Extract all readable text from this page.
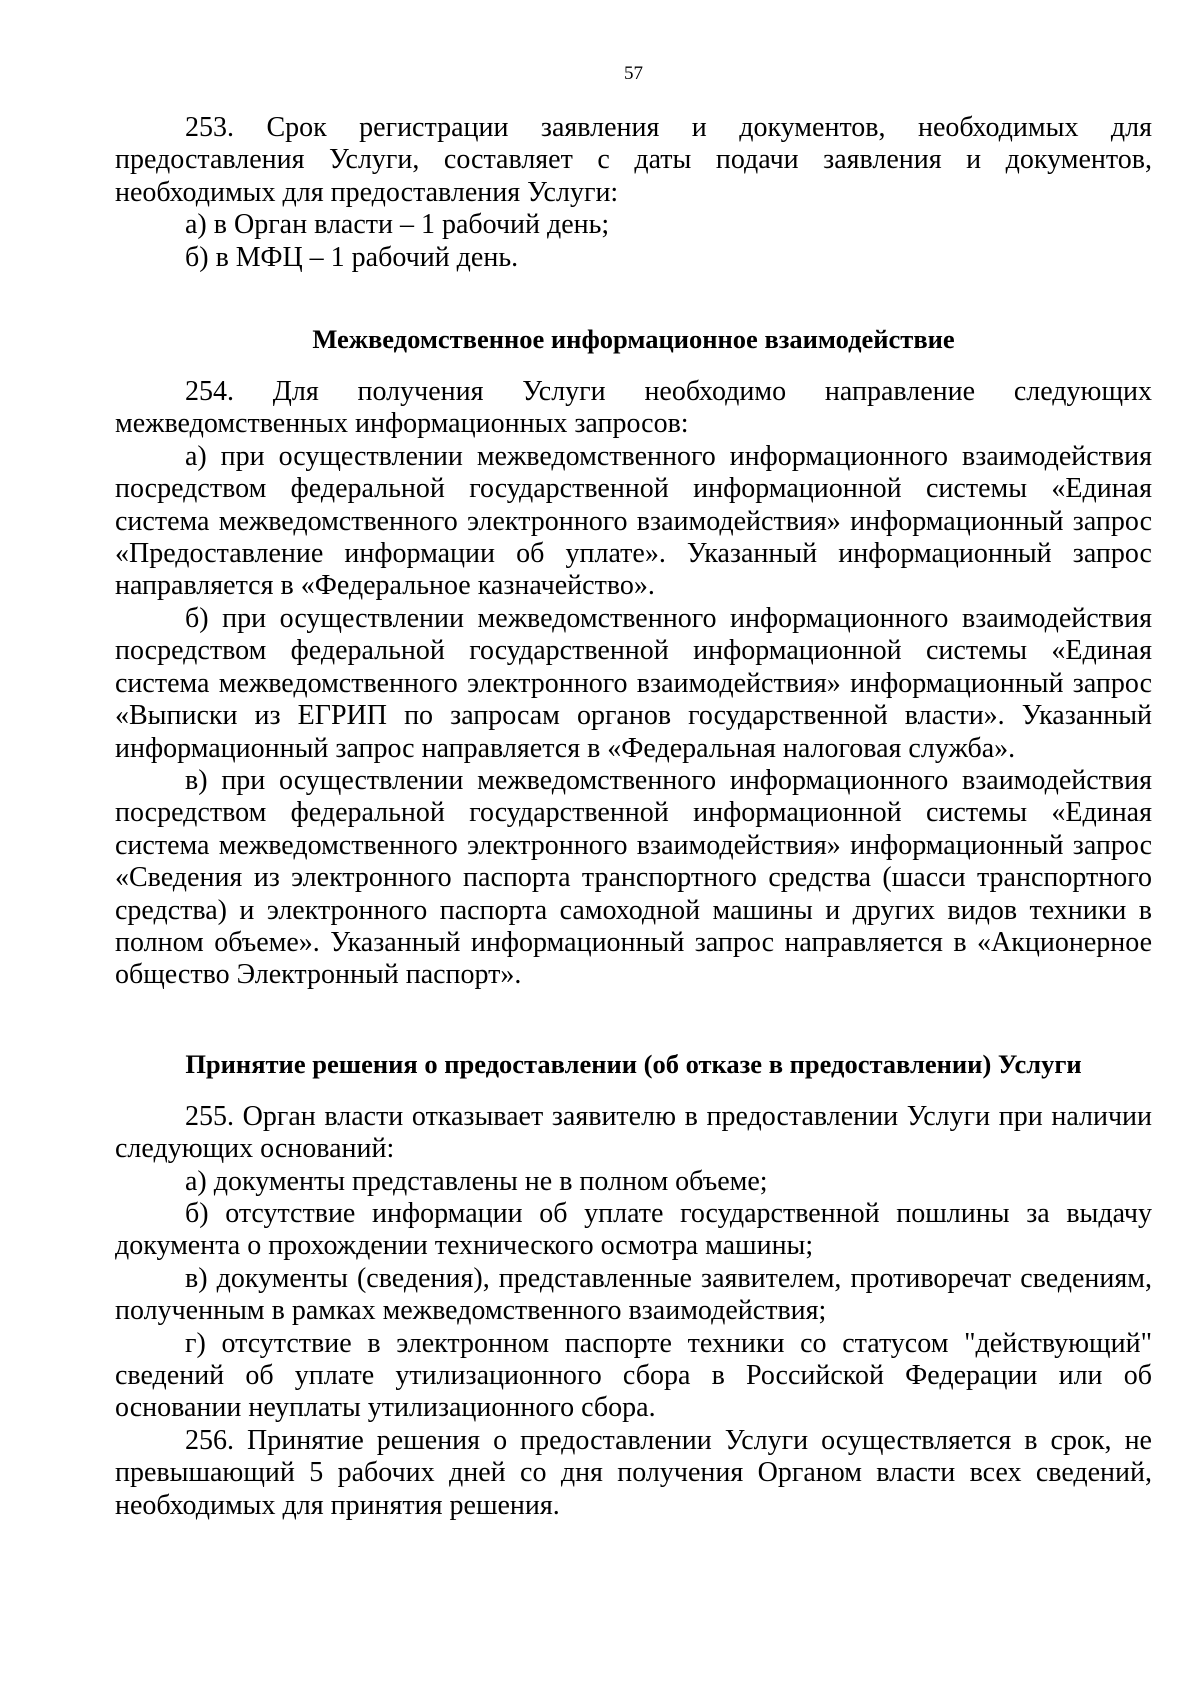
57

253. Срок регистрации заявления и документов, необходимых для предоставления Услуги, составляет с даты подачи заявления и документов, необходимых для предоставления Услуги:

а) в Орган власти – 1 рабочий день;

б) в МФЦ – 1 рабочий день.

Межведомственное информационное взаимодействие

254. Для получения Услуги необходимо направление следующих межведомственных информационных запросов:

а) при осуществлении межведомственного информационного взаимодействия посредством федеральной государственной информационной системы «Единая система межведомственного электронного взаимодействия» информационный запрос «Предоставление информации об уплате». Указанный информационный запрос направляется в «Федеральное казначейство».

б) при осуществлении межведомственного информационного взаимодействия посредством федеральной государственной информационной системы «Единая система межведомственного электронного взаимодействия» информационный запрос «Выписки из ЕГРИП по запросам органов государственной власти». Указанный информационный запрос направляется в «Федеральная налоговая служба».

в) при осуществлении межведомственного информационного взаимодействия посредством федеральной государственной информационной системы «Единая система межведомственного электронного взаимодействия» информационный запрос «Сведения из электронного паспорта транспортного средства (шасси транспортного средства) и электронного паспорта самоходной машины и других видов техники в полном объеме». Указанный информационный запрос направляется в «Акционерное общество Электронный паспорт».

Принятие решения о предоставлении (об отказе в предоставлении) Услуги

255. Орган власти отказывает заявителю в предоставлении Услуги при наличии следующих оснований:

а) документы представлены не в полном объеме;

б) отсутствие информации об уплате государственной пошлины за выдачу документа о прохождении технического осмотра машины;

в) документы (сведения), представленные заявителем, противоречат сведениям, полученным в рамках межведомственного взаимодействия;

г) отсутствие в электронном паспорте техники со статусом "действующий" сведений об уплате утилизационного сбора в Российской Федерации или об основании неуплаты утилизационного сбора.

256. Принятие решения о предоставлении Услуги осуществляется в срок, не превышающий 5 рабочих дней со дня получения Органом власти всех сведений, необходимых для принятия решения.
